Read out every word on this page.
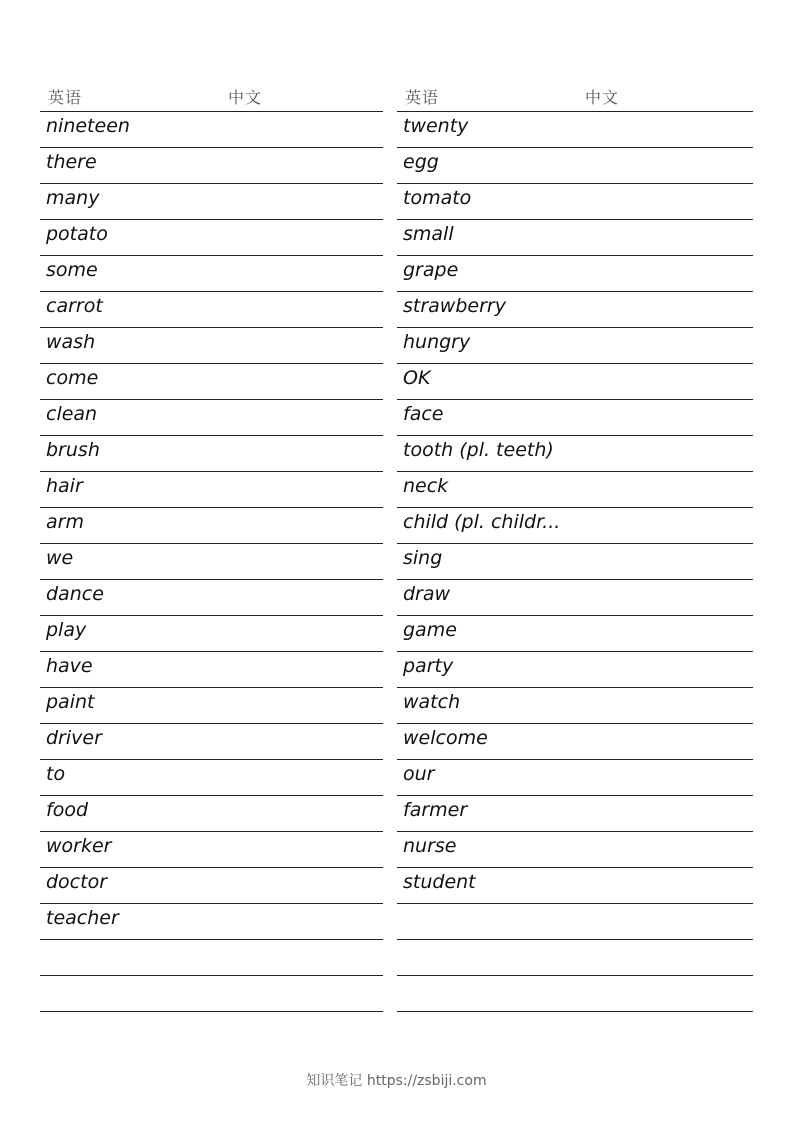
英语	中文
nineteen
there
many
potato
some
carrot
wash
come
clean
brush
hair
arm
we
dance
play
have
paint
driver
to
food
worker
doctor
teacher
英语	中文
twenty
egg
tomato
small
grape
strawberry
hungry
OK
face
tooth (pl. teeth)
neck
child (pl. childr...
sing
draw
game
party
watch
welcome
our
farmer
nurse
student
知识笔记 https://zsbiji.com
